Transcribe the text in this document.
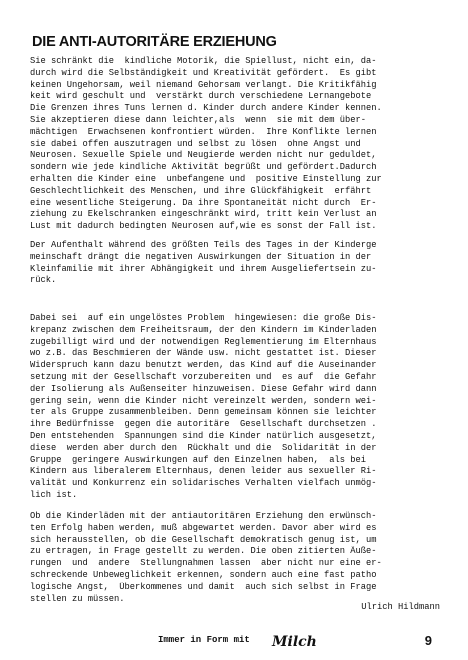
DIE ANTI-AUTORITÄRE ERZIEHUNG
Sie schränkt die  kindliche Motorik, die Spiellust, nicht ein, da-
durch wird die Selbständigkeit und Kreativität gefördert.  Es gibt
keinen Ungehorsam, weil niemand Gehorsam verlangt. Die Kritikfähig
keit wird geschult und  verstärkt durch verschiedene Lernangebote
Die Grenzen ihres Tuns lernen d. Kinder durch andere Kinder kennen.
Sie akzeptieren diese dann leichter,als  wenn  sie mit dem über-
mächtigen  Erwachsenen konfrontiert würden.  Ihre Konflikte lernen
sie dabei offen auszutragen und selbst zu lösen  ohne Angst und
Neurosen. Sexuelle Spiele und Neugierde werden nicht nur geduldet,
sondern wie jede kindliche Aktivität begrüßt und gefördert.Dadurch
erhalten die Kinder eine  unbefangene und  positive Einstellung zur
Geschlechtlichkeit des Menschen, und ihre Glückfähigkeit  erfährt
eine wesentliche Steigerung. Da ihre Spontaneität nicht durch  Er-
ziehung zu Ekelschranken eingeschränkt wird, tritt kein Verlust an
Lust mit dadurch bedingten Neurosen auf,wie es sonst der Fall ist.
Der Aufenthalt während des größten Teils des Tages in der Kinderge
meinschaft drängt die negativen Auswirkungen der Situation in der
Kleinfamilie mit ihrer Abhängigkeit und ihrem Ausgeliefertsein zu-
rück.
Dabei sei  auf ein ungelöstes Problem  hingewiesen: die große Dis-
krepanz zwischen dem Freiheitsraum, der den Kindern im Kinderladen
zugebilligt wird und der notwendigen Reglementierung im Elternhaus
wo z.B. das Beschmieren der Wände usw. nicht gestattet ist. Dieser
Widerspruch kann dazu benutzt werden, das Kind auf die Auseinander
setzung mit der Gesellschaft vorzubereiten und  es auf  die Gefahr
der Isolierung als Außenseiter hinzuweisen. Diese Gefahr wird dann
gering sein, wenn die Kinder nicht vereinzelt werden, sondern wei-
ter als Gruppe zusammenbleiben. Denn gemeinsam können sie leichter
ihre Bedürfnisse  gegen die autoritäre  Gesellschaft durchsetzen .
Den entstehenden  Spannungen sind die Kinder natürlich ausgesetzt,
diese  werden aber durch den  Rückhalt und die  Solidarität in der
Gruppe  geringere Auswirkungen auf den Einzelnen haben,  als bei
Kindern aus liberalerem Elternhaus, denen leider aus sexueller Ri-
valität und Konkurrenz ein solidarisches Verhalten vielfach unmög-
lich ist.
Ob die Kinderläden mit der antiautoritären Erziehung den erwünsch-
ten Erfolg haben werden, muß abgewartet werden. Davor aber wird es
sich herausstellen, ob die Gesellschaft demokratisch genug ist, um
zu ertragen, in Frage gestellt zu werden. Die oben zitierten Äuße-
rungen  und  andere  Stellungnahmen lassen  aber nicht nur eine er-
schreckende Unbeweglichkeit erkennen, sondern auch eine fast patho
logische Angst,  Überkommenes und damit  auch sich selbst in Frage
stellen zu müssen.

Ulrich Hildmann

Immer in Form mit Milch	9
